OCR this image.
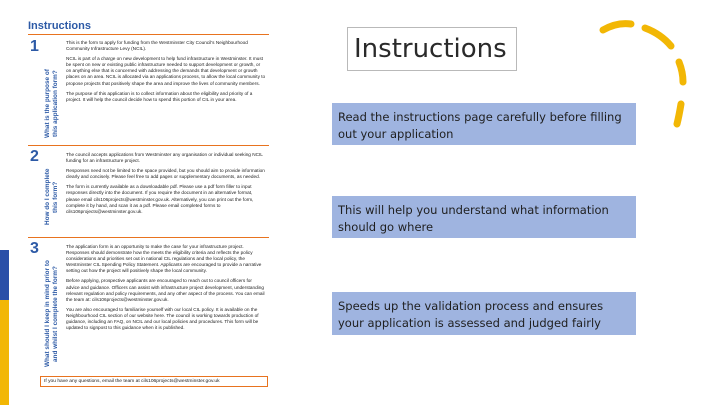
Instructions
1
What is the purpose of
this application form?

This is the form to apply for funding from the Westminster City Council's Neighbourhood Community Infrastructure Levy (NCIL).

NCIL is part of a charge on new development to help fund infrastructure in Westminster. It must be spent on new or existing public infrastructure needed to support development or growth, or on anything else that is concerned with addressing the demands that development or growth places on an area. NCIL is allocated via an applications process, to allow the local community to propose projects that positively shape the area and improve the lives of community members.

The purpose of this application is to collect information about the eligibility and priority of a project. It will help the council decide how to spend this portion of CIL in your area.

2
How do I complete
this form?

The council accepts applications from Westminster any organisation or individual seeking NCIL funding for an infrastructure project.

Responses need not be limited to the space provided, but you should aim to provide information clearly and concisely. Please feel free to add pages or supplementary documents, as needed.

The form is currently available as a downloadable pdf. Please use a pdf form filler to input responses directly into the document. If you require the document in an alternative format, please email cils106projects@westminster.gov.uk. Alternatively, you can print out the form, complete it by hand, and scan it as a pdf. Please email completed forms to cils106projects@westminster.gov.uk.

3
What should I keep in mind prior to
and whilst I complete the form?

The application form is an opportunity to make the case for your infrastructure project. Responses should demonstrate how the meets the eligibility criteria and reflects the policy considerations and priorities set out in national CIL regulations and the local policy, the Westminster CIL Spending Policy Statement. Applicants are encouraged to provide a narrative setting out how the project will positively shape the local community.

Before applying, prospective applicants are encouraged to reach out to council officers for advice and guidance. Officers can assist with infrastructure project development, understanding relevant regulation and policy requirements, and any other aspect of the process. You can email the team at: cils106projects@westminster.gov.uk.

You are also encouraged to familiarise yourself with our local CIL policy. It is available on the Neighbourhood CIL section of our website here. The council is working towards production of guidance, including an FAQ, on NCIL and our local policies and procedures. This form will be updated to signpost to this guidance when it is published.

If you have any questions, email the team at cils106projects@westminster.gov.uk
Instructions
Read the instructions page carefully before filling out your application
This will help you understand what information should go where
Speeds up the validation process and ensures your application is assessed and judged fairly
